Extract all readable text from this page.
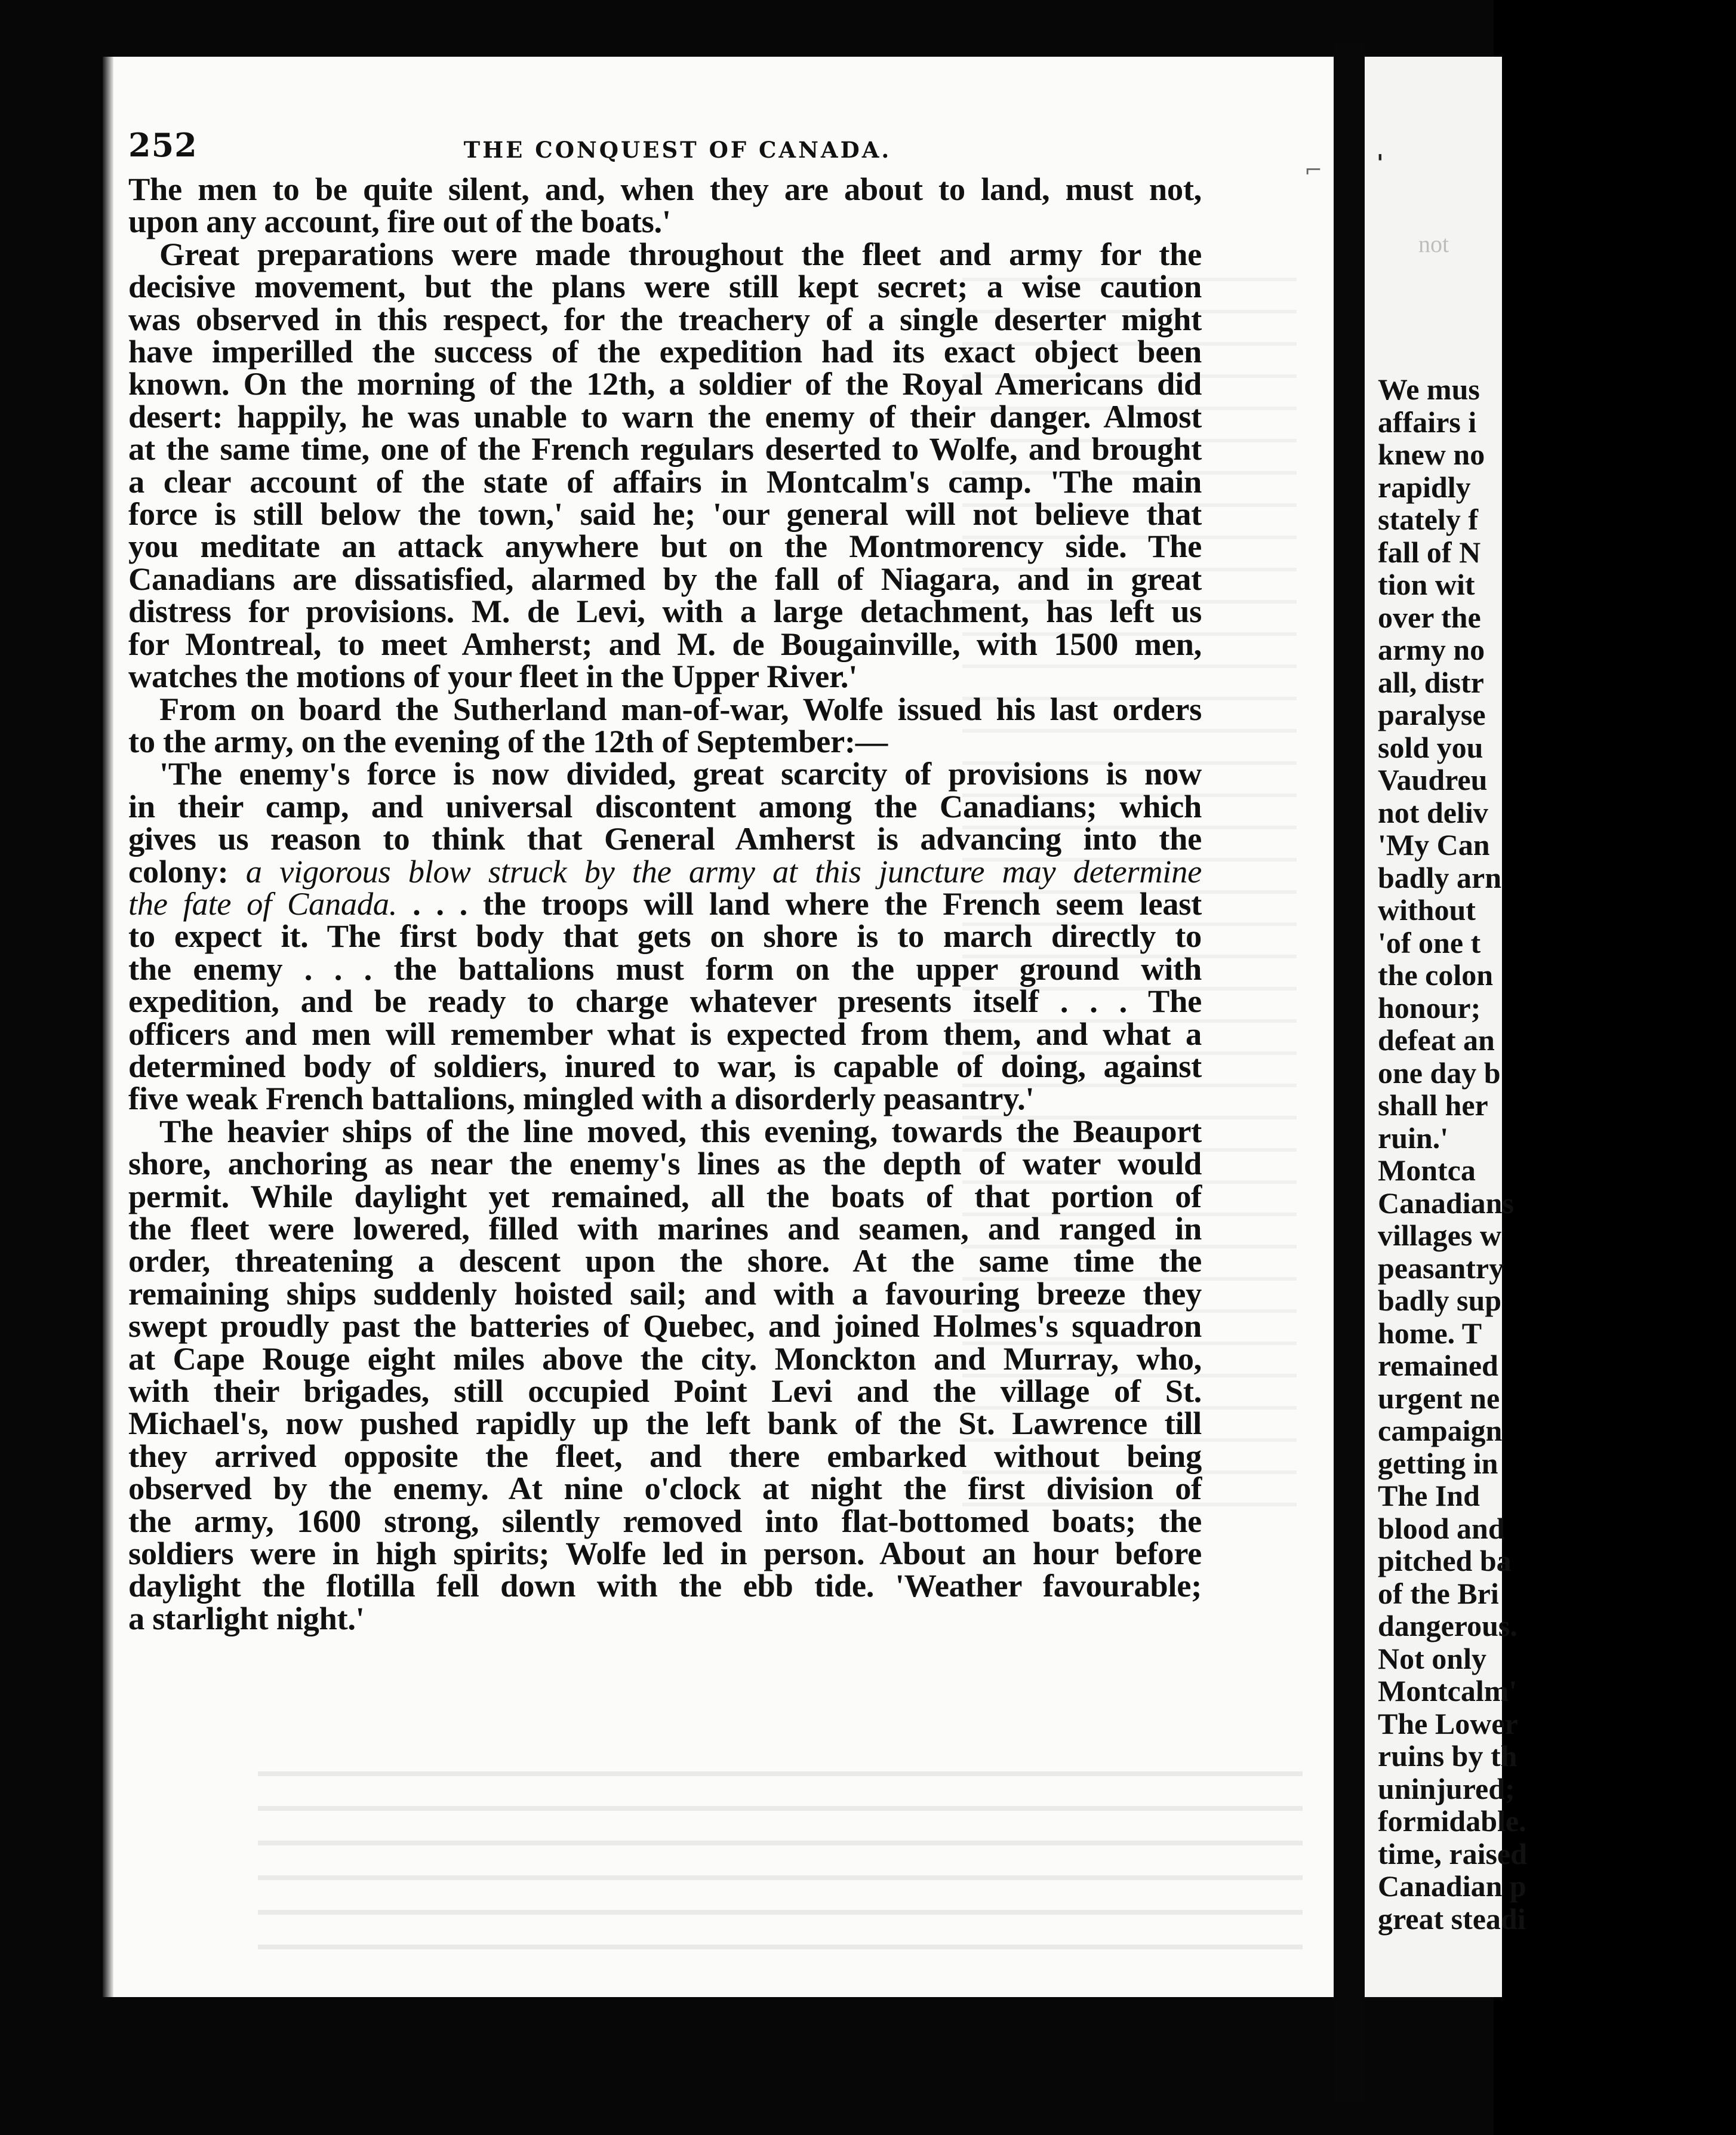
⌐
252	THE CONQUEST OF CANADA.

The men to be quite silent, and, when they are about to land, must not,

upon any account, fire out of the boats.'

Great preparations were made throughout the fleet and army for the

decisive movement, but the plans were still kept secret; a wise caution

was observed in this respect, for the treachery of a single deserter might

have imperilled the success of the expedition had its exact object been

known. On the morning of the 12th, a soldier of the Royal Americans did

desert: happily, he was unable to warn the enemy of their danger. Almost

at the same time, one of the French regulars deserted to Wolfe, and brought

a clear account of the state of affairs in Montcalm's camp. 'The main

force is still below the town,' said he; 'our general will not believe that

you meditate an attack anywhere but on the Montmorency side. The

Canadians are dissatisfied, alarmed by the fall of Niagara, and in great

distress for provisions. M. de Levi, with a large detachment, has left us

for Montreal, to meet Amherst; and M. de Bougainville, with 1500 men,

watches the motions of your fleet in the Upper River.'

From on board the Sutherland man-of-war, Wolfe issued his last orders

to the army, on the evening of the 12th of September:—

'The enemy's force is now divided, great scarcity of provisions is now

in their camp, and universal discontent among the Canadians; which

gives us reason to think that General Amherst is advancing into the

colony: a vigorous blow struck by the army at this juncture may determine

the fate of Canada. . . . the troops will land where the French seem least

to expect it. The first body that gets on shore is to march directly to

the enemy . . . the battalions must form on the upper ground with

expedition, and be ready to charge whatever presents itself . . . The

officers and men will remember what is expected from them, and what a

determined body of soldiers, inured to war, is capable of doing, against

five weak French battalions, mingled with a disorderly peasantry.'

The heavier ships of the line moved, this evening, towards the Beauport

shore, anchoring as near the enemy's lines as the depth of water would

permit. While daylight yet remained, all the boats of that portion of

the fleet were lowered, filled with marines and seamen, and ranged in

order, threatening a descent upon the shore. At the same time the

remaining ships suddenly hoisted sail; and with a favouring breeze they

swept proudly past the batteries of Quebec, and joined Holmes's squadron

at Cape Rouge eight miles above the city. Monckton and Murray, who,

with their brigades, still occupied Point Levi and the village of St.

Michael's, now pushed rapidly up the left bank of the St. Lawrence till

they arrived opposite the fleet, and there embarked without being

observed by the enemy. At nine o'clock at night the first division of

the army, 1600 strong, silently removed into flat-bottomed boats; the

soldiers were in high spirits; Wolfe led in person. About an hour before

daylight the flotilla fell down with the ebb tide. 'Weather favourable;

a starlight night.'

'
not
We mus
affairs i
knew no
rapidly
stately f
fall of N
tion wit
over the
army no
all, distr
paralyse
sold you
Vaudreu
not deliv
'My Can
badly arn
without
'of one t
the colon
honour;
defeat an
one day b
shall her
ruin.'
Montca
Canadians
villages w
peasantry
badly sup
home. T
remained
urgent ne
campaign
getting in
The Ind
blood and
pitched ba
of the Bri
dangerous.
Not only
Montcalm'
The Lower
ruins by th
uninjured;
formidable.
time, raised
Canadian p
great steadi
